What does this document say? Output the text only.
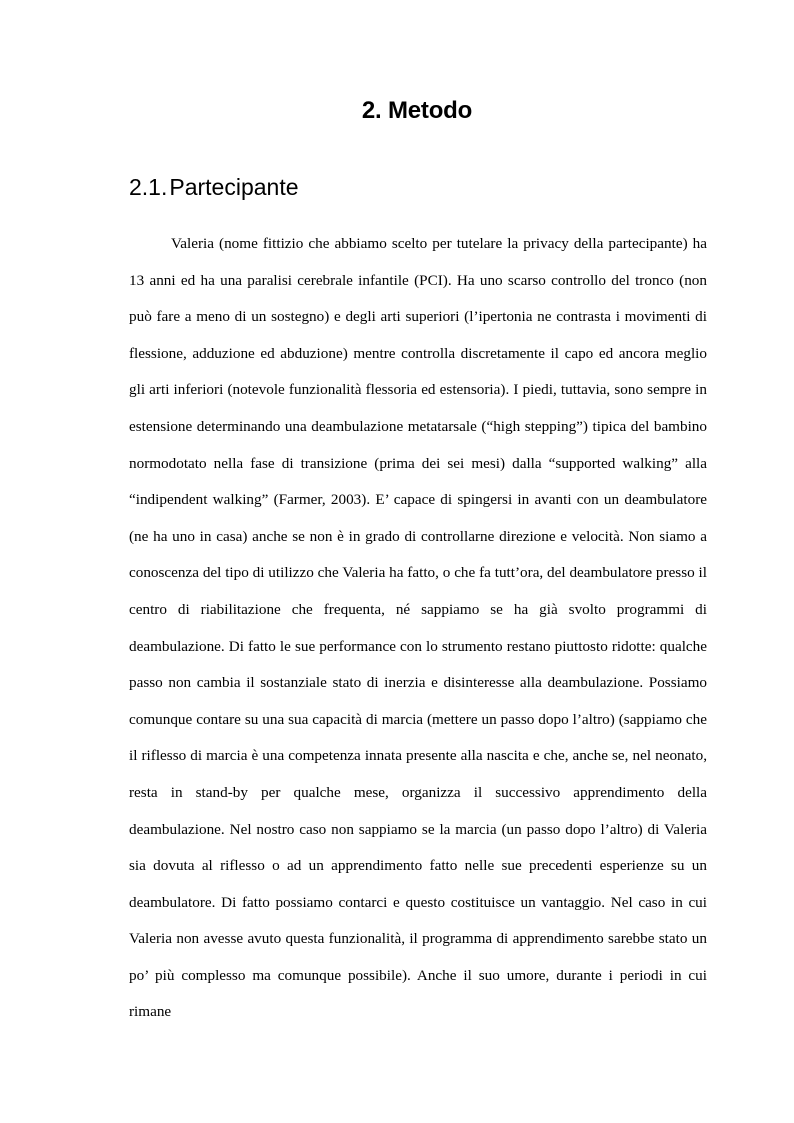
2. Metodo
2.1.Partecipante

Valeria (nome fittizio che abbiamo scelto per tutelare la privacy della partecipante) ha 13 anni ed ha una paralisi cerebrale infantile (PCI). Ha uno scarso controllo del tronco (non può fare a meno di un sostegno) e degli arti superiori (l’ipertonia ne contrasta i movimenti di flessione, adduzione ed abduzione) mentre controlla discretamente il capo ed ancora meglio gli arti inferiori (notevole funzionalità flessoria ed estensoria). I piedi, tuttavia, sono sempre in estensione determinando una deambulazione metatarsale (“high stepping”) tipica del bambino normodotato nella fase di transizione (prima dei sei mesi) dalla “supported walking” alla “indipendent walking” (Farmer, 2003). E’ capace di spingersi in avanti con un deambulatore (ne ha uno in casa) anche se non è in grado di controllarne direzione e velocità. Non siamo a conoscenza del tipo di utilizzo che Valeria ha fatto, o che fa tutt’ora, del deambulatore presso il centro di riabilitazione che frequenta, né sappiamo se ha già svolto programmi di deambulazione. Di fatto le sue performance con lo strumento restano piuttosto ridotte: qualche passo non cambia il sostanziale stato di inerzia e disinteresse alla deambulazione. Possiamo comunque contare su una sua capacità di marcia (mettere un passo dopo l’altro) (sappiamo che il riflesso di marcia è una competenza innata presente alla nascita e che, anche se, nel neonato, resta in stand-by per qualche mese, organizza il successivo apprendimento della deambulazione. Nel nostro caso non sappiamo se la marcia (un passo dopo l’altro) di Valeria sia dovuta al riflesso o ad un apprendimento fatto nelle sue precedenti esperienze su un deambulatore. Di fatto possiamo contarci e questo costituisce un vantaggio. Nel caso in cui Valeria non avesse avuto questa funzionalità, il programma di apprendimento sarebbe stato un po’ più complesso ma comunque possibile). Anche il suo umore, durante i periodi in cui rimane
